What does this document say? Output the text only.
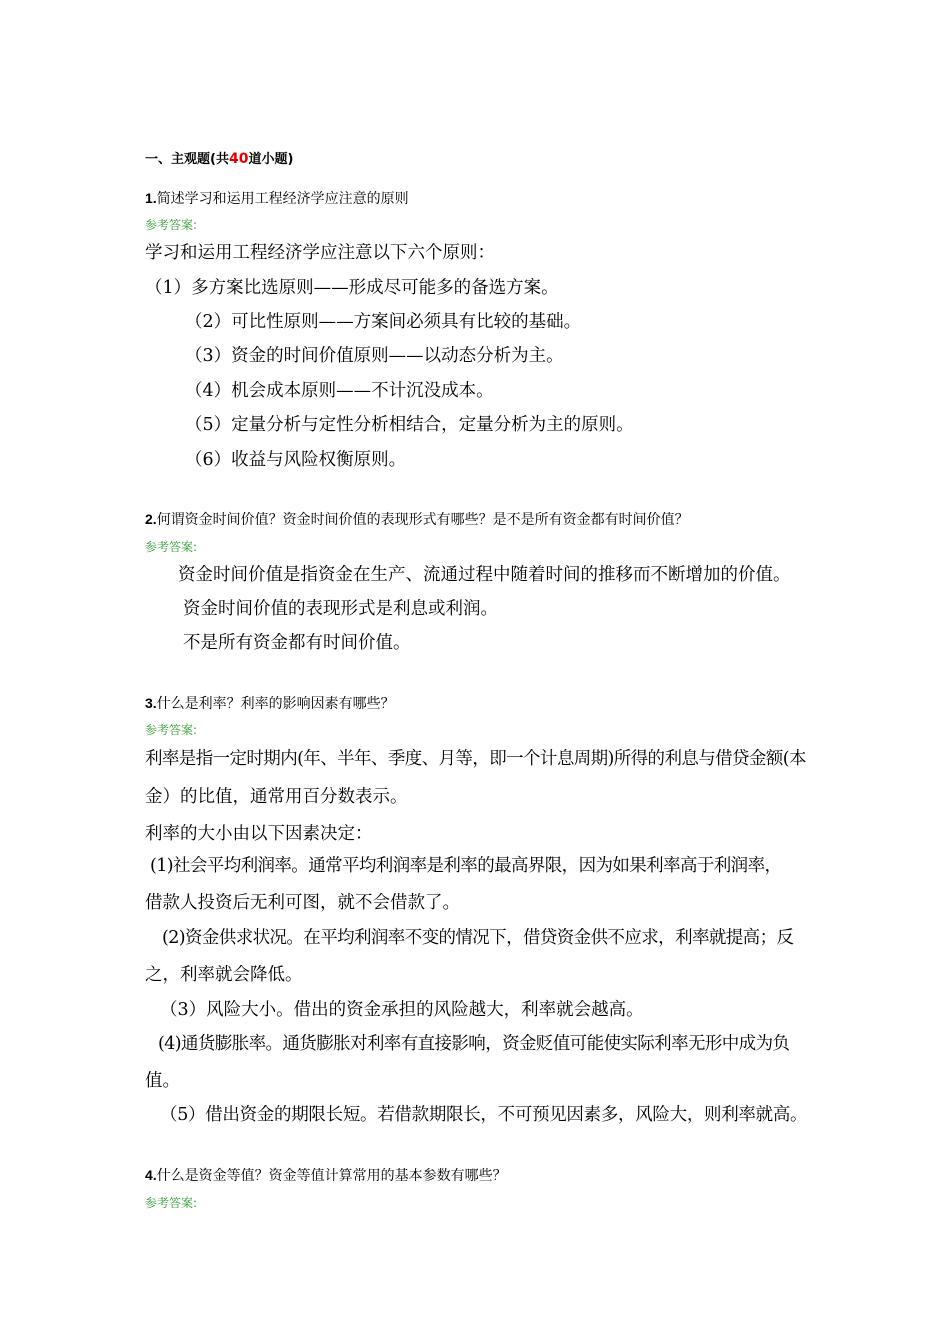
一、主观题(共40道小题)
1.简述学习和运用工程经济学应注意的原则
参考答案:
学习和运用工程经济学应注意以下六个原则：
（1）多方案比选原则——形成尽可能多的备选方案。
（2）可比性原则——方案间必须具有比较的基础。
（3）资金的时间价值原则——以动态分析为主。
（4）机会成本原则——不计沉没成本。
（5）定量分析与定性分析相结合，定量分析为主的原则。
（6）收益与风险权衡原则。
2.何谓资金时间价值？资金时间价值的表现形式有哪些？是不是所有资金都有时间价值？
参考答案:
资金时间价值是指资金在生产、流通过程中随着时间的推移而不断增加的价值。
资金时间价值的表现形式是利息或利润。
不是所有资金都有时间价值。
3.什么是利率？利率的影响因素有哪些？
参考答案:
利率是指一定时期内(年、半年、季度、月等，即一个计息周期)所得的利息与借贷金额(本
金）的比值，通常用百分数表示。
利率的大小由以下因素决定：
(1)社会平均利润率。通常平均利润率是利率的最高界限，因为如果利率高于利润率，
借款人投资后无利可图，就不会借款了。
(2)资金供求状况。在平均利润率不变的情况下，借贷资金供不应求，利率就提高；反
之，利率就会降低。
（3）风险大小。借出的资金承担的风险越大，利率就会越高。
(4)通货膨胀率。通货膨胀对利率有直接影响，资金贬值可能使实际利率无形中成为负
值。
（5）借出资金的期限长短。若借款期限长，不可预见因素多，风险大，则利率就高。
4.什么是资金等值？资金等值计算常用的基本参数有哪些？
参考答案:
